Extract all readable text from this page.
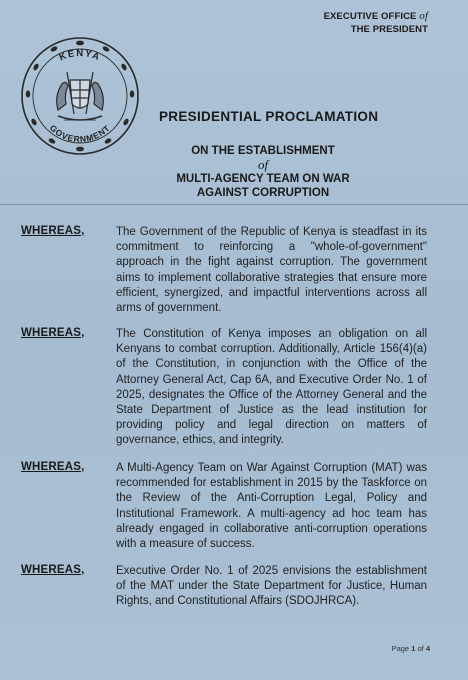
EXECUTIVE OFFICE of
THE PRESIDENT
KENYA
GOVERNMENT
PRESIDENTIAL PROCLAMATION
ON THE ESTABLISHMENT
of
MULTI-AGENCY TEAM ON WAR
AGAINST CORRUPTION
WHEREAS,	The Government of the Republic of Kenya is steadfast in its commitment to reinforcing a "whole-of-government" approach in the fight against corruption. The government aims to implement collaborative strategies that ensure more efficient, synergized, and impactful interventions across all arms of government.
WHEREAS,	The Constitution of Kenya imposes an obligation on all Kenyans to combat corruption. Additionally, Article 156(4)(a) of the Constitution, in conjunction with the Office of the Attorney General Act, Cap 6A, and Executive Order No. 1 of 2025, designates the Office of the Attorney General and the State Department of Justice as the lead institution for providing policy and legal direction on matters of governance, ethics, and integrity.
WHEREAS,	A Multi-Agency Team on War Against Corruption (MAT) was recommended for establishment in 2015 by the Taskforce on the Review of the Anti-Corruption Legal, Policy and Institutional Framework. A multi-agency ad hoc team has already engaged in collaborative anti-corruption operations with a measure of success.
WHEREAS,	Executive Order No. 1 of 2025 envisions the establishment of the MAT under the State Department for Justice, Human Rights, and Constitutional Affairs (SDOJHRCA).
Page 1 of 4
